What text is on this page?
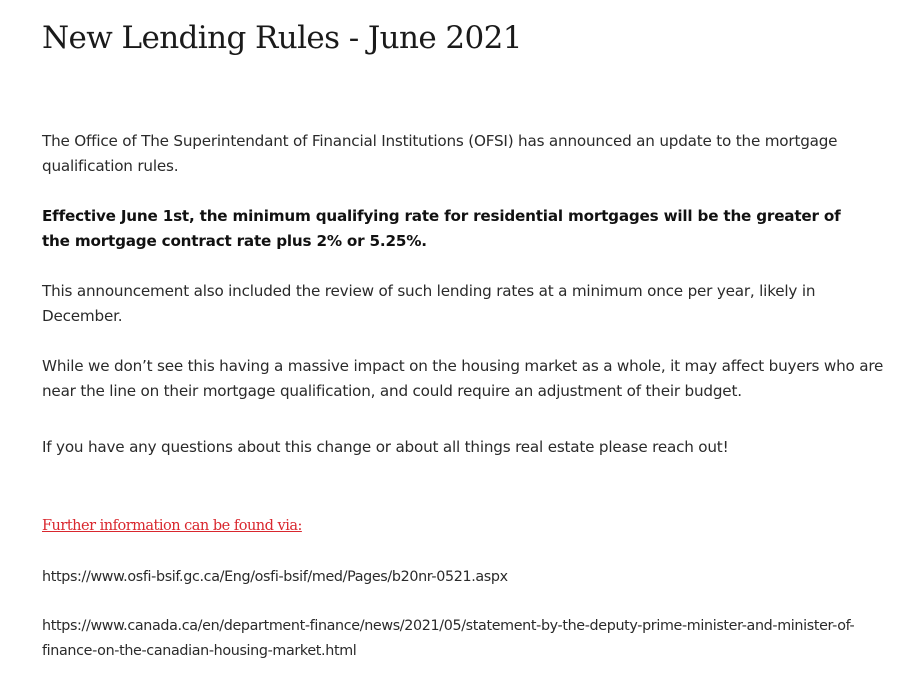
New Lending Rules - June 2021

The Office of The Superintendant of Financial Institutions (OFSI) has announced an update to the mortgage qualification rules.

Effective June 1st, the minimum qualifying rate for residential mortgages will be the greater of the mortgage contract rate plus 2% or 5.25%.

This announcement also included the review of such lending rates at a minimum once per year, likely in December.

While we don’t see this having a massive impact on the housing market as a whole, it may affect buyers who are near the line on their mortgage qualification, and could require an adjustment of their budget.

If you have any questions about this change or about all things real estate please reach out!

Further information can be found via:
https://www.osfi-bsif.gc.ca/Eng/osfi-bsif/med/Pages/b20nr-0521.aspx
https://www.canada.ca/en/department-finance/news/2021/05/statement-by-the-deputy-prime-minister-and-minister-of-finance-on-the-canadian-housing-market.html
